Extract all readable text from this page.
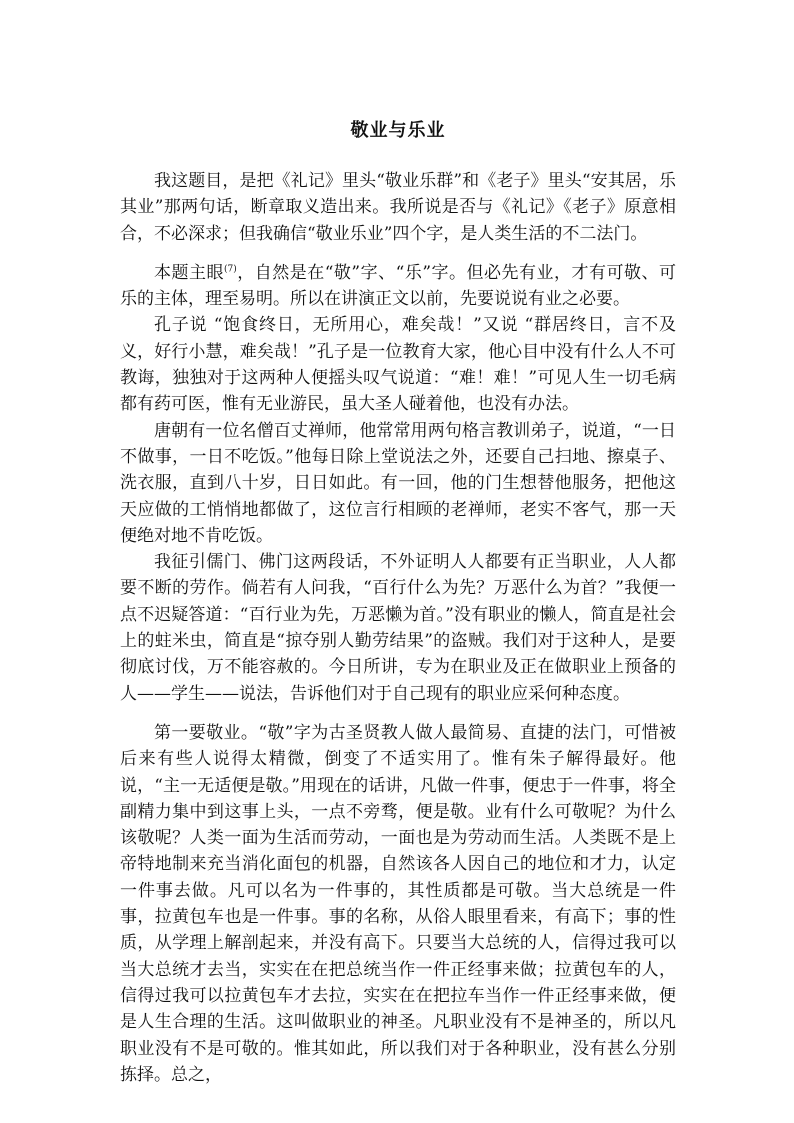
敬业与乐业

我这题目，是把《礼记》里头“敬业乐群”和《老子》里头“安其居，乐其业”那两句话，断章取义造出来。我所说是否与《礼记》《老子》原意相合，不必深求；但我确信“敬业乐业”四个字，是人类生活的不二法门。

本题主眼$^{(7)}$，自然是在“敬”字、“乐”字。但必先有业，才有可敬、可乐的主体，理至易明。所以在讲演正文以前，先要说说有业之必要。

孔子说 “饱食终日，无所用心，难矣哉！”又说 “群居终日，言不及义，好行小慧，难矣哉！”孔子是一位教育大家，他心目中没有什么人不可教诲，独独对于这两种人便摇头叹气说道：“难！难！”可见人生一切毛病都有药可医，惟有无业游民，虽大圣人碰着他，也没有办法。

唐朝有一位名僧百丈禅师，他常常用两句格言教训弟子，说道，“一日不做事，一日不吃饭。”他每日除上堂说法之外，还要自己扫地、擦桌子、洗衣服，直到八十岁，日日如此。有一回，他的门生想替他服务，把他这天应做的工悄悄地都做了，这位言行相顾的老禅师，老实不客气，那一天便绝对地不肯吃饭。

我征引儒门、佛门这两段话，不外证明人人都要有正当职业，人人都要不断的劳作。倘若有人问我，“百行什么为先？万恶什么为首？”我便一点不迟疑答道：“百行业为先，万恶懒为首。”没有职业的懒人，简直是社会上的蛀米虫，简直是“掠夺别人勤劳结果”的盗贼。我们对于这种人，是要彻底讨伐，万不能容赦的。今日所讲，专为在职业及正在做职业上预备的人——学生——说法，告诉他们对于自己现有的职业应采何种态度。

第一要敬业。“敬”字为古圣贤教人做人最简易、直捷的法门，可惜被后来有些人说得太精微，倒变了不适实用了。惟有朱子解得最好。他说，“主一无适便是敬。”用现在的话讲，凡做一件事，便忠于一件事，将全副精力集中到这事上头，一点不旁骛，便是敬。业有什么可敬呢？为什么该敬呢？人类一面为生活而劳动，一面也是为劳动而生活。人类既不是上帝特地制来充当消化面包的机器，自然该各人因自己的地位和才力，认定一件事去做。凡可以名为一件事的，其性质都是可敬。当大总统是一件事，拉黄包车也是一件事。事的名称，从俗人眼里看来，有高下；事的性质，从学理上解剖起来，并没有高下。只要当大总统的人，信得过我可以当大总统才去当，实实在在把总统当作一件正经事来做；拉黄包车的人，信得过我可以拉黄包车才去拉，实实在在把拉车当作一件正经事来做，便是人生合理的生活。这叫做职业的神圣。凡职业没有不是神圣的，所以凡职业没有不是可敬的。惟其如此，所以我们对于各种职业，没有甚么分别拣择。总之，
